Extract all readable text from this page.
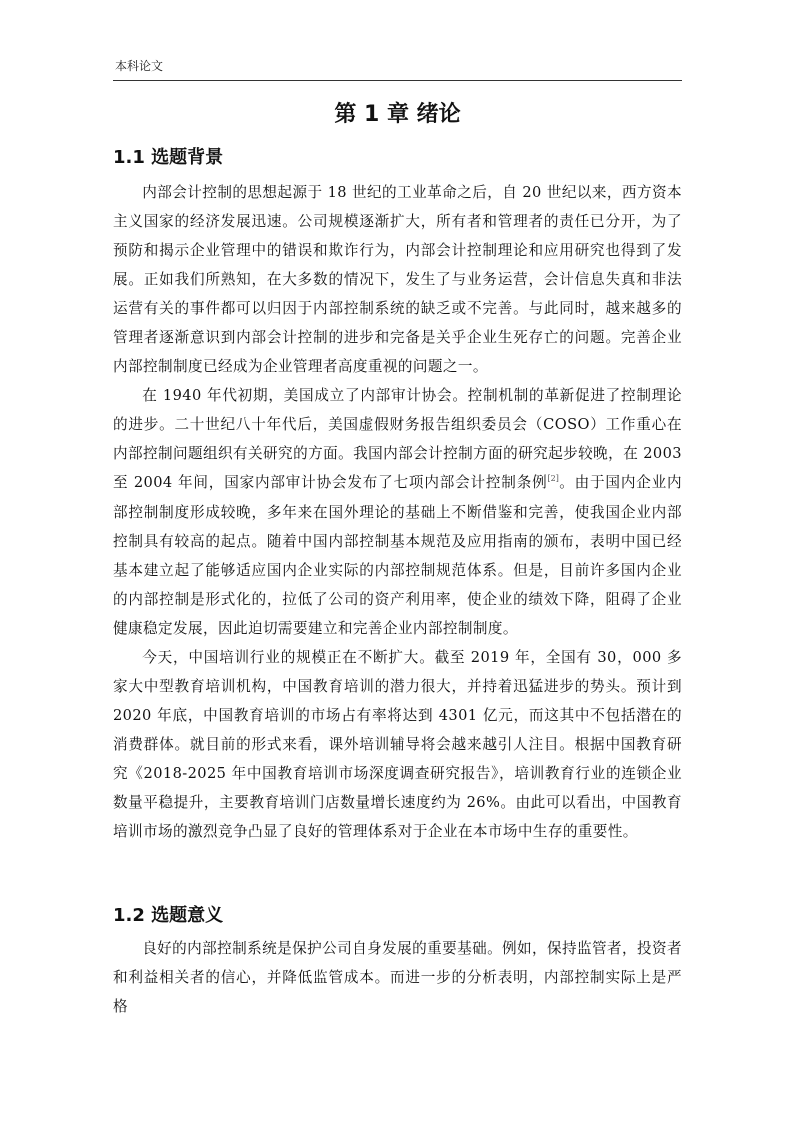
本科论文
第 1 章 绪论
1.1 选题背景

内部会计控制的思想起源于 18 世纪的工业革命之后，自 20 世纪以来，西方资本主义国家的经济发展迅速。公司规模逐渐扩大，所有者和管理者的责任已分开，为了预防和揭示企业管理中的错误和欺诈行为，内部会计控制理论和应用研究也得到了发展。正如我们所熟知，在大多数的情况下，发生了与业务运营，会计信息失真和非法运营有关的事件都可以归因于内部控制系统的缺乏或不完善。与此同时，越来越多的管理者逐渐意识到内部会计控制的进步和完备是关乎企业生死存亡的问题。完善企业内部控制制度已经成为企业管理者高度重视的问题之一。

在 1940 年代初期，美国成立了内部审计协会。控制机制的革新促进了控制理论的进步。二十世纪八十年代后，美国虚假财务报告组织委员会（COSO）工作重心在内部控制问题组织有关研究的方面。我国内部会计控制方面的研究起步较晚，在 2003 至 2004 年间，国家内部审计协会发布了七项内部会计控制条例[2]。由于国内企业内部控制制度形成较晚，多年来在国外理论的基础上不断借鉴和完善，使我国企业内部控制具有较高的起点。随着中国内部控制基本规范及应用指南的颁布，表明中国已经基本建立起了能够适应国内企业实际的内部控制规范体系。但是，目前许多国内企业的内部控制是形式化的，拉低了公司的资产利用率，使企业的绩效下降，阻碍了企业健康稳定发展，因此迫切需要建立和完善企业内部控制制度。

今天，中国培训行业的规模正在不断扩大。截至 2019 年，全国有 30，000 多家大中型教育培训机构，中国教育培训的潜力很大，并持着迅猛进步的势头。预计到 2020 年底，中国教育培训的市场占有率将达到 4301 亿元，而这其中不包括潜在的消费群体。就目前的形式来看，课外培训辅导将会越来越引人注目。根据中国教育研究《2018-2025 年中国教育培训市场深度调查研究报告》，培训教育行业的连锁企业数量平稳提升，主要教育培训门店数量增长速度约为 26%。由此可以看出，中国教育培训市场的激烈竞争凸显了良好的管理体系对于企业在本市场中生存的重要性。

1.2 选题意义

良好的内部控制系统是保护公司自身发展的重要基础。例如，保持监管者，投资者和利益相关者的信心，并降低监管成本。而进一步的分析表明，内部控制实际上是严格
